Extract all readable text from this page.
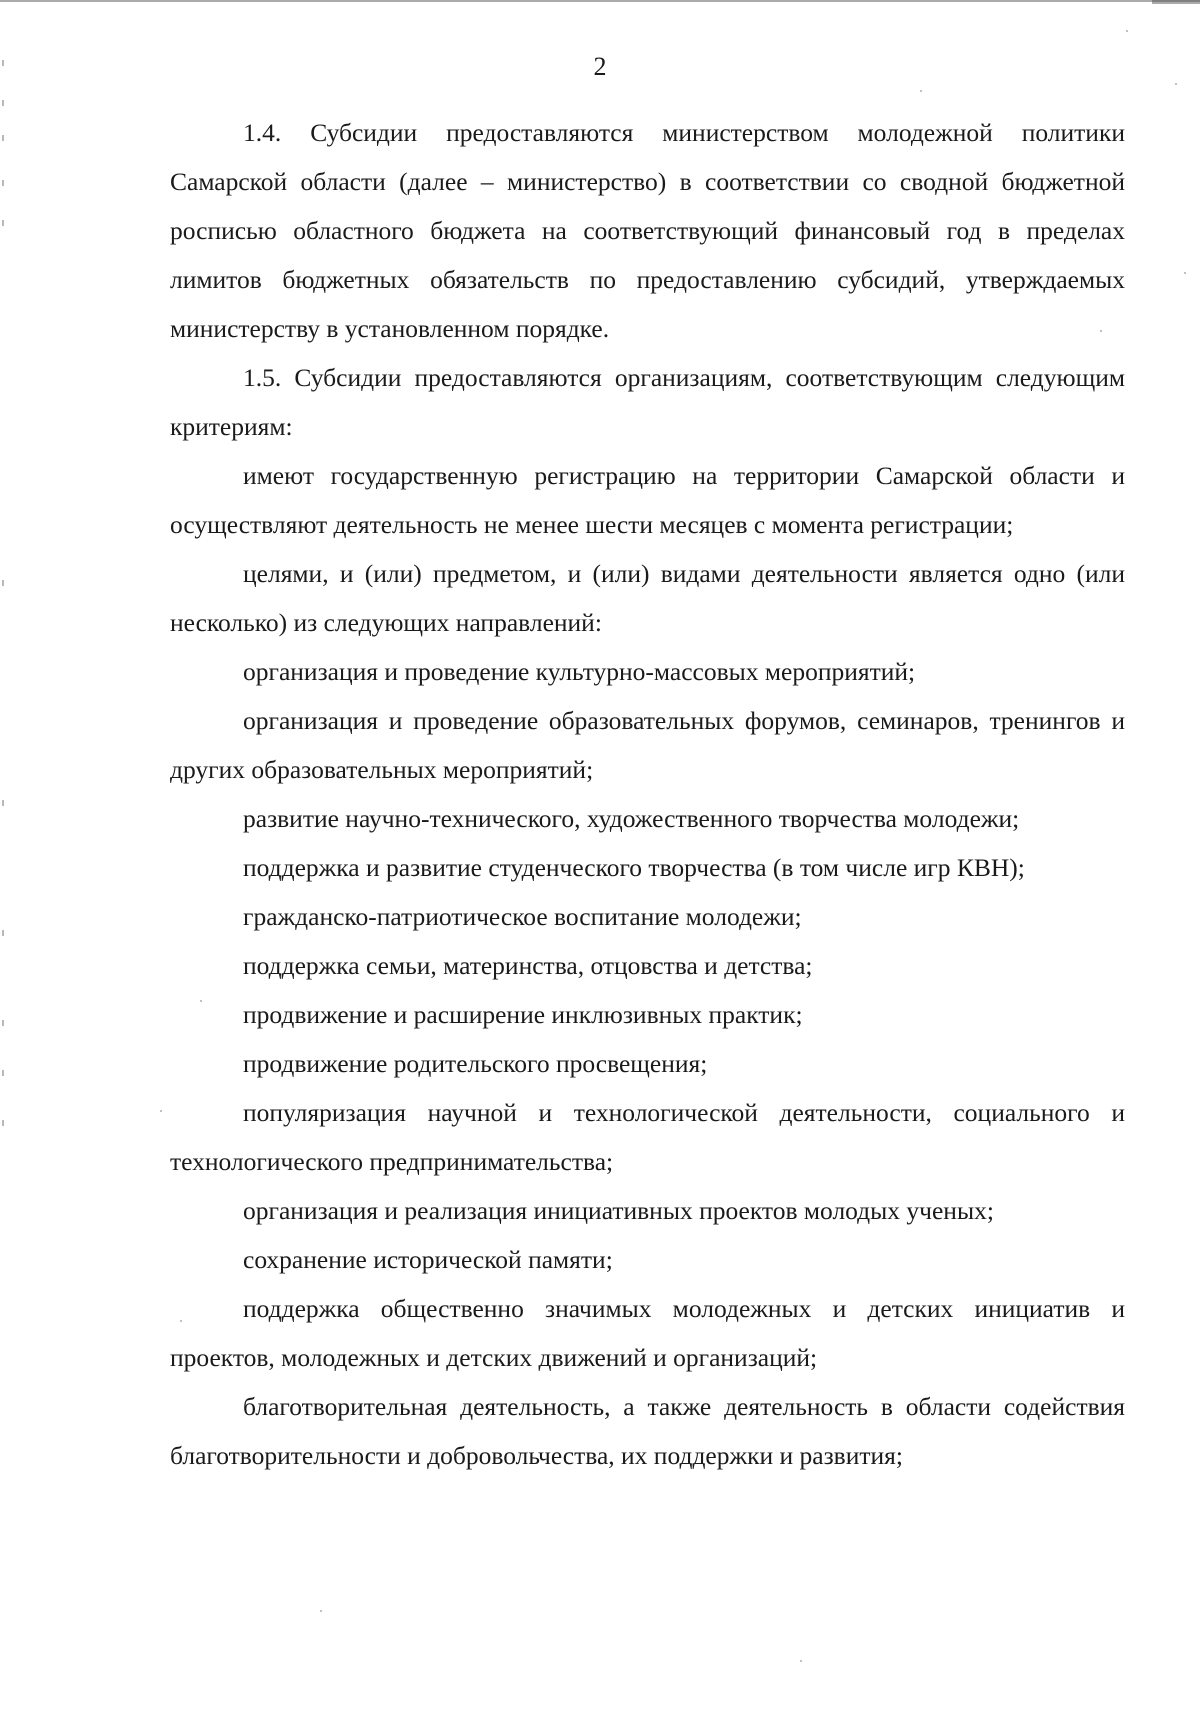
2

1.4. Субсидии предоставляются министерством молодежной политики Самарской области (далее – министерство) в соответствии со сводной бюджетной росписью областного бюджета на соответствующий финансовый год в пределах лимитов бюджетных обязательств по предоставлению субсидий, утверждаемых министерству в установленном порядке.

1.5. Субсидии предоставляются организациям, соответствующим следующим критериям:

имеют государственную регистрацию на территории Самарской области и осуществляют деятельность не менее шести месяцев с момента регистрации;

целями, и (или) предметом, и (или) видами деятельности является одно (или несколько) из следующих направлений:

организация и проведение культурно-массовых мероприятий;

организация и проведение образовательных форумов, семинаров, тренингов и других образовательных мероприятий;

развитие научно-технического, художественного творчества молодежи;

поддержка и развитие студенческого творчества (в том числе игр КВН);

гражданско-патриотическое воспитание молодежи;

поддержка семьи, материнства, отцовства и детства;

продвижение и расширение инклюзивных практик;

продвижение родительского просвещения;

популяризация научной и технологической деятельности, социального и технологического предпринимательства;

организация и реализация инициативных проектов молодых ученых;

сохранение исторической памяти;

поддержка общественно значимых молодежных и детских инициатив и проектов, молодежных и детских движений и организаций;

благотворительная деятельность, а также деятельность в области содействия благотворительности и добровольчества, их поддержки и развития;
